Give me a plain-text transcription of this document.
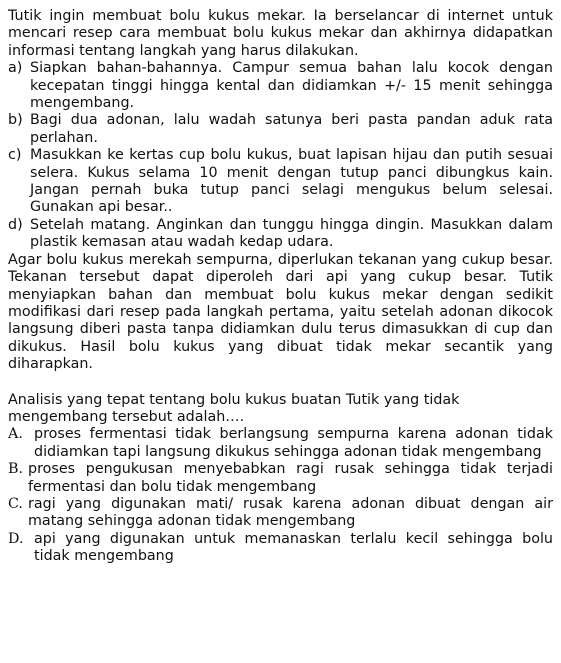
Tutik ingin membuat bolu kukus mekar. Ia berselancar di internet untuk mencari resep cara membuat bolu kukus mekar dan akhirnya didapatkan informasi tentang langkah yang harus dilakukan.

a) Siapkan bahan-bahannya. Campur semua bahan lalu kocok dengan kecepatan tinggi hingga kental dan didiamkan +/- 15 menit sehingga mengembang.
b) Bagi dua adonan, lalu wadah satunya beri pasta pandan aduk rata perlahan.
c) Masukkan ke kertas cup bolu kukus, buat lapisan hijau dan putih sesuai selera. Kukus selama 10 menit dengan tutup panci dibungkus kain. Jangan pernah buka tutup panci selagi mengukus belum selesai. Gunakan api besar..
d) Setelah matang. Anginkan dan tunggu hingga dingin. Masukkan dalam plastik kemasan atau wadah kedap udara.

Agar bolu kukus merekah sempurna, diperlukan tekanan yang cukup besar. Tekanan tersebut dapat diperoleh dari api yang cukup besar. Tutik menyiapkan bahan dan membuat bolu kukus mekar dengan sedikit modifikasi dari resep pada langkah pertama, yaitu setelah adonan dikocok langsung diberi pasta tanpa didiamkan dulu terus dimasukkan di cup dan dikukus. Hasil bolu kukus yang dibuat tidak mekar secantik yang diharapkan.

Analisis yang tepat tentang bolu kukus buatan Tutik yang tidak mengembang tersebut adalah….

A. proses fermentasi tidak berlangsung sempurna karena adonan tidak didiamkan tapi langsung dikukus sehingga adonan tidak mengembang
B. proses pengukusan menyebabkan ragi rusak sehingga tidak terjadi fermentasi dan bolu tidak mengembang
C. ragi yang digunakan mati/ rusak karena adonan dibuat dengan air matang sehingga adonan tidak mengembang
D. api yang digunakan untuk memanaskan terlalu kecil sehingga bolu tidak mengembang
